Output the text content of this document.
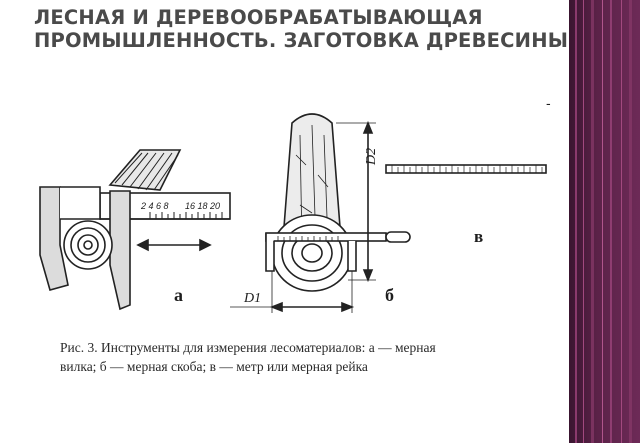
ЛЕСНАЯ И ДЕРЕВООБРАБАТЫВАЮЩАЯ
ПРОМЫШЛЕННОСТЬ. ЗАГОТОВКА ДРЕВЕСИНЫ
-
2 4 6 8 16 18 20
а	б
в
D1
D2
Рис. 3. Инструменты для измерения лесоматериалов: а — мерная
вилка; б — мерная скоба; в — метр или мерная рейка
